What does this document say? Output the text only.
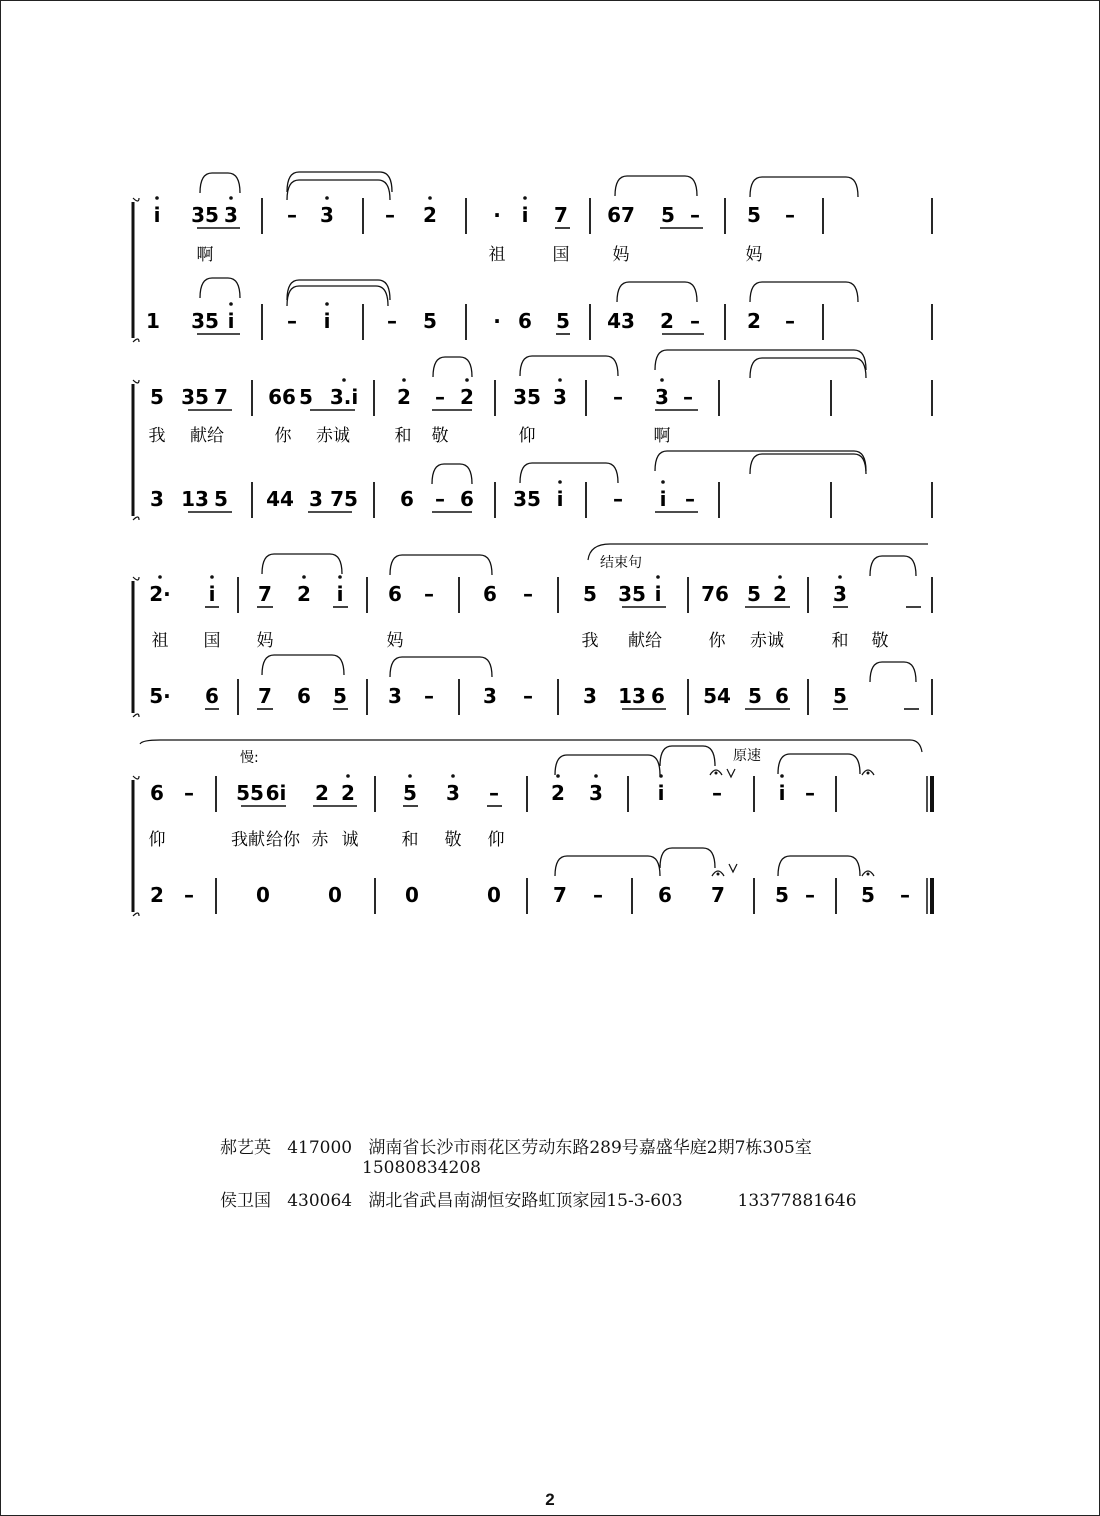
i 35 3 – 3	– 2	· i 7 67 5 – 5 –
1 35 i	– i	– 5	· 6 5 43 2 – 2 –
啊	祖	国	妈	妈
5 35 7 66 5 3.i 2 – 2 35 3 – 3 –
3 13 5 44 3 75 6 – 6 35 i – i –
我 献给	你 赤诚	和 敬	仰	啊
2· i 7 2 i 6 – 6 –	5 35 i 76 5 2 3
5· 6 7 6 5 3 – 3 –	3 13 6 54 5 6 5
祖 国 妈	妈	我 献给	你 赤诚	和 敬
6 – 55 6i 2 2 5 3 –	2 3	i –	i –
2 –	0	0	0	0	7 –	6 7	5 – 5 –
仰	我献 给你 赤 诚	和 敬 仰
结束句
慢:	原速
郝艺英 417000 湖南省长沙市雨花区劳动东路289号嘉盛华庭2期7栋305室
15080834208
侯卫国 430064 湖北省武昌南湖恒安路虹顶家园15-3-603	13377881646
2
